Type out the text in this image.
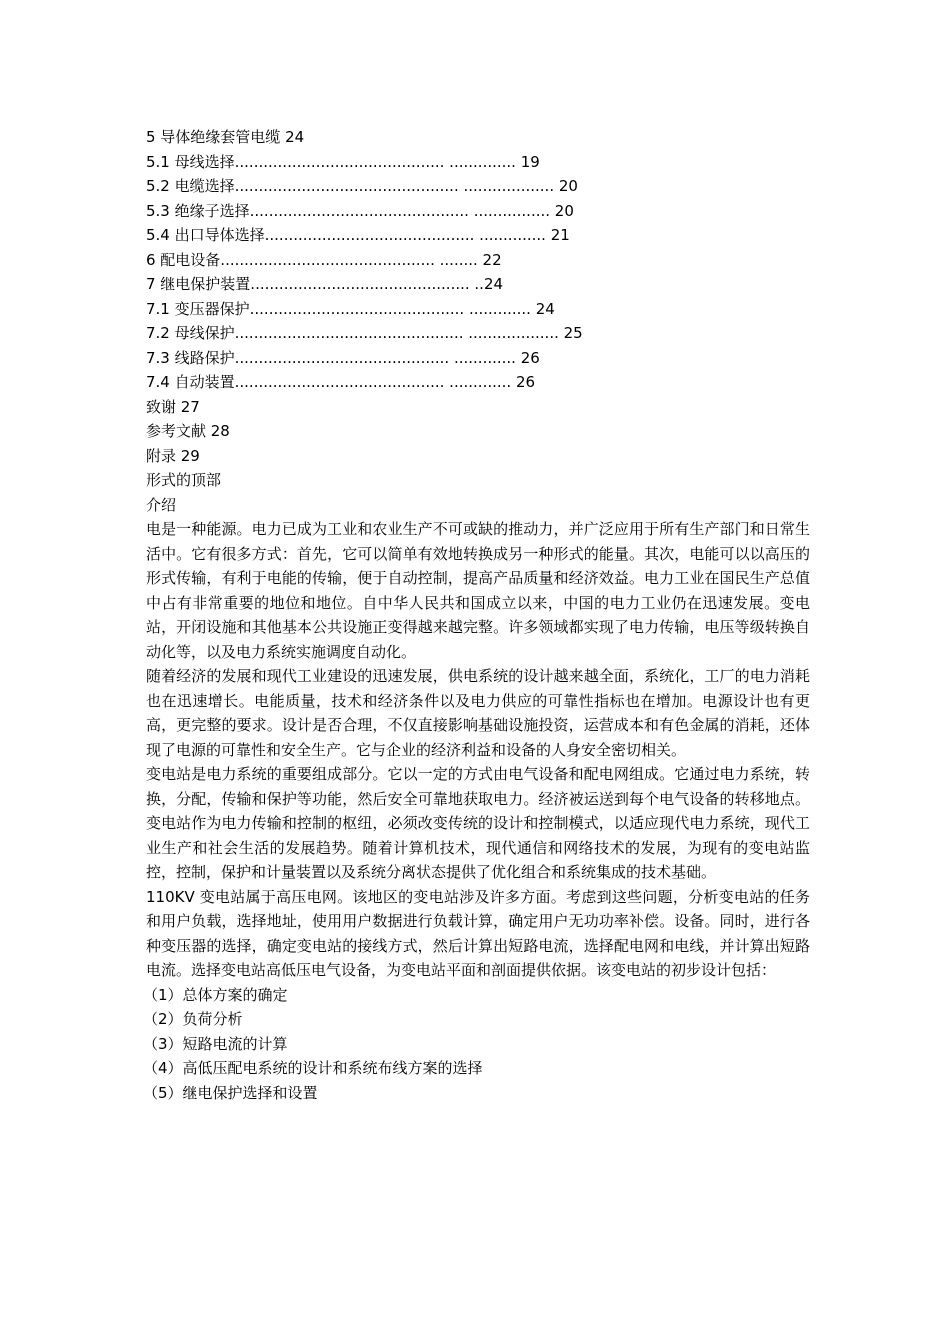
5 导体绝缘套管电缆 24
5.1 母线选择............................................ .............. 19
5.2 电缆选择............................................... ................... 20
5.3 绝缘子选择.............................................. ................ 20
5.4 出口导体选择............................................ .............. 21
6 配电设备............................................. ........ 22
7 继电保护装置.............................................. ..24
7.1 变压器保护............................................. ............. 24
7.2 母线保护................................................ ................... 25
7.3 线路保护............................................. ............. 26
7.4 自动装置............................................ ............. 26
致谢 27
参考文献 28
附录 29
形式的顶部
介绍
电是一种能源。电力已成为工业和农业生产不可或缺的推动力，并广泛应用于所有生产部门和日常生活中。它有很多方式：首先，它可以简单有效地转换成另一种形式的能量。其次，电能可以以高压的形式传输，有利于电能的传输，便于自动控制，提高产品质量和经济效益。电力工业在国民生产总值中占有非常重要的地位和地位。自中华人民共和国成立以来，中国的电力工业仍在迅速发展。变电站，开闭设施和其他基本公共设施正变得越来越完整。许多领域都实现了电力传输，电压等级转换自动化等，以及电力系统实施调度自动化。
随着经济的发展和现代工业建设的迅速发展，供电系统的设计越来越全面，系统化，工厂的电力消耗也在迅速增长。电能质量，技术和经济条件以及电力供应的可靠性指标也在增加。电源设计也有更高，更完整的要求。设计是否合理，不仅直接影响基础设施投资，运营成本和有色金属的消耗，还体现了电源的可靠性和安全生产。它与企业的经济利益和设备的人身安全密切相关。
变电站是电力系统的重要组成部分。它以一定的方式由电气设备和配电网组成。它通过电力系统，转换，分配，传输和保护等功能，然后安全可靠地获取电力。经济被运送到每个电气设备的转移地点。变电站作为电力传输和控制的枢纽，必须改变传统的设计和控制模式，以适应现代电力系统，现代工业生产和社会生活的发展趋势。随着计算机技术，现代通信和网络技术的发展，为现有的变电站监控，控制，保护和计量装置以及系统分离状态提供了优化组合和系统集成的技术基础。
110KV 变电站属于高压电网。该地区的变电站涉及许多方面。考虑到这些问题，分析变电站的任务和用户负载，选择地址，使用用户数据进行负载计算，确定用户无功功率补偿。设备。同时，进行各种变压器的选择，确定变电站的接线方式，然后计算出短路电流，选择配电网和电线，并计算出短路电流。选择变电站高低压电气设备，为变电站平面和剖面提供依据。该变电站的初步设计包括：
（1）总体方案的确定
（2）负荷分析
（3）短路电流的计算
（4）高低压配电系统的设计和系统布线方案的选择
（5）继电保护选择和设置
